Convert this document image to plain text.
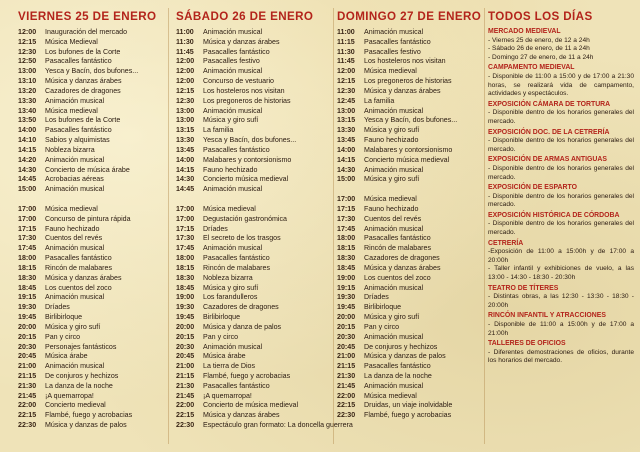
VIERNES 25 DE ENERO
12:00	Inauguración del mercado
12:15	Música Medieval
12:30	Los bufones de la Corte
12:50	Pasacalles fantástico
13:00	Yesca y Bacín, dos bufones...
13:10	Música y danzas árabes
13:20	Cazadores de dragones
13:30	Animación musical
13:40	Música medieval
13:50	Los bufones de la Corte
14:00	Pasacalles fantástico
14:10	Sabios y alquimistas
14:15	Nobleza bizarra
14:20	Animación musical
14:30	Concierto de música árabe
14:45	Acrobacias aéreas
15:00	Animación musical
17:00	Música medieval
17:00	Concurso de pintura rápida
17:15	Fauno hechizado
17:30	Cuentos del revés
17:45	Animación musical
18:00	Pasacalles fantástico
18:15	Rincón de malabares
18:30	Música y danzas árabes
18:45	Los cuentos del zoco
19:15	Animación musical
19:30	Dríades
19:45	Birlibirloque
20:00	Música y giro sufí
20:15	Pan y circo
20:30	Personajes fantásticos
20:45	Música árabe
21:00	Animación musical
21:15	De conjuros y hechizos
21:30	La danza de la noche
21:45	¡A quemarropa!
22:00	Concierto medieval
22:15	Flambé, fuego y acrobacias
22:30	Música y danzas de palos
SÁBADO 26 DE ENERO
11:00	Animación musical
11:30	Música y danzas árabes
11:45	Pasacalles fantástico
12:00	Pasacalles festivo
12:00	Animación musical
12:00	Concurso de vestuario
12:15	Los hosteleros nos visitan
12:30	Los pregoneros de historias
13:00	Animación musical
13:00	Música y giro sufí
13:15	La familia
13:30	Yesca y Bacín, dos bufones...
13:45	Pasacalles fantástico
14:00	Malabares y contorsionismo
14:15	Fauno hechizado
14:30	Concierto música medieval
14:45	Animación musical
17:00	Música medieval
17:00	Degustación gastronómica
17:15	Dríades
17:30	El secreto de los trasgos
17:45	Animación musical
18:00	Pasacalles fantástico
18:15	Rincón de malabares
18:30	Nobleza bizarra
18:45	Música y giro sufí
19:00	Los farandulleros
19:30	Cazadores de dragones
19:45	Birlibirloque
20:00	Música y danza de palos
20:15	Pan y circo
20:30	Animación musical
20:45	Música árabe
21:00	La tierra de Dios
21:15	Flambé, fuego y acrobacias
21:30	Pasacalles fantástico
21:45	¡A quemarropa!
22:00	Concierto de música medieval
22:15	Música y danzas árabes
22:30	Espectáculo gran formato: La doncella guerrera
DOMINGO 27 DE ENERO
11:00	Animación musical
11:15	Pasacalles fantástico
11:30	Pasacalles festivo
11:45	Los hosteleros nos visitan
12:00	Música medieval
12:15	Los pregoneros de historias
12:30	Música y danzas árabes
12:45	La familia
13:00	Animación musical
13:15	Yesca y Bacín, dos bufones...
13:30	Música y giro sufí
13:45	Fauno hechizado
14:00	Malabares y contorsionismo
14:15	Concierto música medieval
14:30	Animación musical
15:00	Música y giro sufí
17:00	Música medieval
17:15	Fauno hechizado
17:30	Cuentos del revés
17:45	Animación musical
18:00	Pasacalles fantástico
18:15	Rincón de malabares
18:30	Cazadores de dragones
18:45	Música y danzas árabes
19:00	Los cuentos del zoco
19:15	Animación musical
19:30	Dríades
19:45	Birlibirloque
20:00	Música y giro sufí
20:15	Pan y circo
20:30	Animación musical
20:45	De conjuros y hechizos
21:00	Música y danzas de palos
21:15	Pasacalles fantástico
21:30	La danza de la noche
21:45	Animación musical
22:00	Música medieval
22:15	Druidas, un viaje inolvidable
22:30	Flambé, fuego y acrobacias
TODOS LOS DÍAS
MERCADO MEDIEVAL
- Viernes 25 de enero, de 12 a 24h
- Sábado 26 de enero, de 11 a 24h
- Domingo 27 de enero, de 11 a 24h
CAMPAMENTO MEDIEVAL
- Disponible de 11:00 a 15:00 y de 17:00 a 21:30 horas, se realizará vida de campamento, actividades y espectáculos.
EXPOSICIÓN CÁMARA DE TORTURA
- Disponible dentro de los horarios generales del mercado.
EXPOSICIÓN DOC. DE LA CETRERÍA
- Disponible dentro de los horarios generales del mercado.
EXPOSICIÓN DE ARMAS ANTIGUAS
- Disponible dentro de los horarios generales del mercado.
EXPOSICIÓN DE ESPARTO
- Disponible dentro de los horarios generales del mercado.
EXPOSICIÓN HISTÓRICA DE CÓRDOBA
- Disponible dentro de los horarios generales del mercado.
CETRERÍA
-Exposición de 11:00 a 15:00h y de 17:00 a 20:00h
- Taller infantil y exhibiciones de vuelo, a las 13:00 - 14:30 - 18:30 - 20:30h
TEATRO DE TÍTERES
- Distintas obras, a las 12:30 - 13:30 - 18:30 - 20:00h
RINCÓN INFANTIL Y ATRACCIONES
- Disponible de 11:00 a 15:00h y de 17:00 a 21:00h
TALLERES DE OFICIOS
- Diferentes demostraciones de oficios, durante los horarios del mercado.
